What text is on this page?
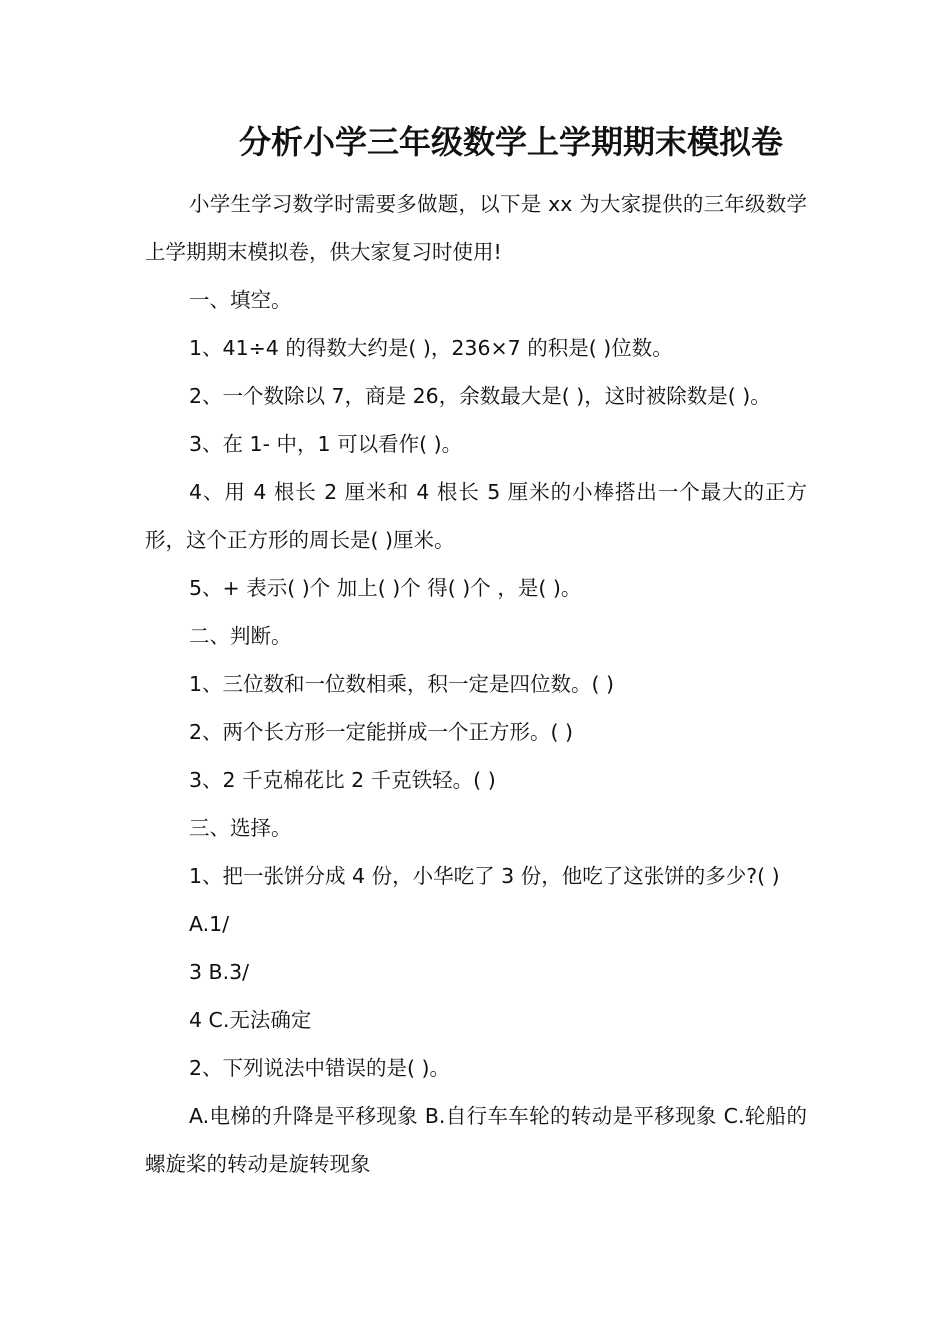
分析小学三年级数学上学期期末模拟卷

小学生学习数学时需要多做题，以下是 xx 为大家提供的三年级数学上学期期末模拟卷，供大家复习时使用!

一、填空。

1、41÷4 的得数大约是( )，236×7 的积是( )位数。

2、一个数除以 7，商是 26，余数最大是( )，这时被除数是( )。

3、在 1- 中，1 可以看作( )。

4、用 4 根长 2 厘米和 4 根长 5 厘米的小棒搭出一个最大的正方形，这个正方形的周长是( )厘米。

5、+ 表示( )个 加上( )个 得( )个 ，是( )。

二、判断。

1、三位数和一位数相乘，积一定是四位数。( )

2、两个长方形一定能拼成一个正方形。( )

3、2 千克棉花比 2 千克铁轻。( )

三、选择。

1、把一张饼分成 4 份，小华吃了 3 份，他吃了这张饼的多少?( )

A.1/

3 B.3/

4 C.无法确定

2、下列说法中错误的是( )。

A.电梯的升降是平移现象 B.自行车车轮的转动是平移现象 C.轮船的螺旋桨的转动是旋转现象
